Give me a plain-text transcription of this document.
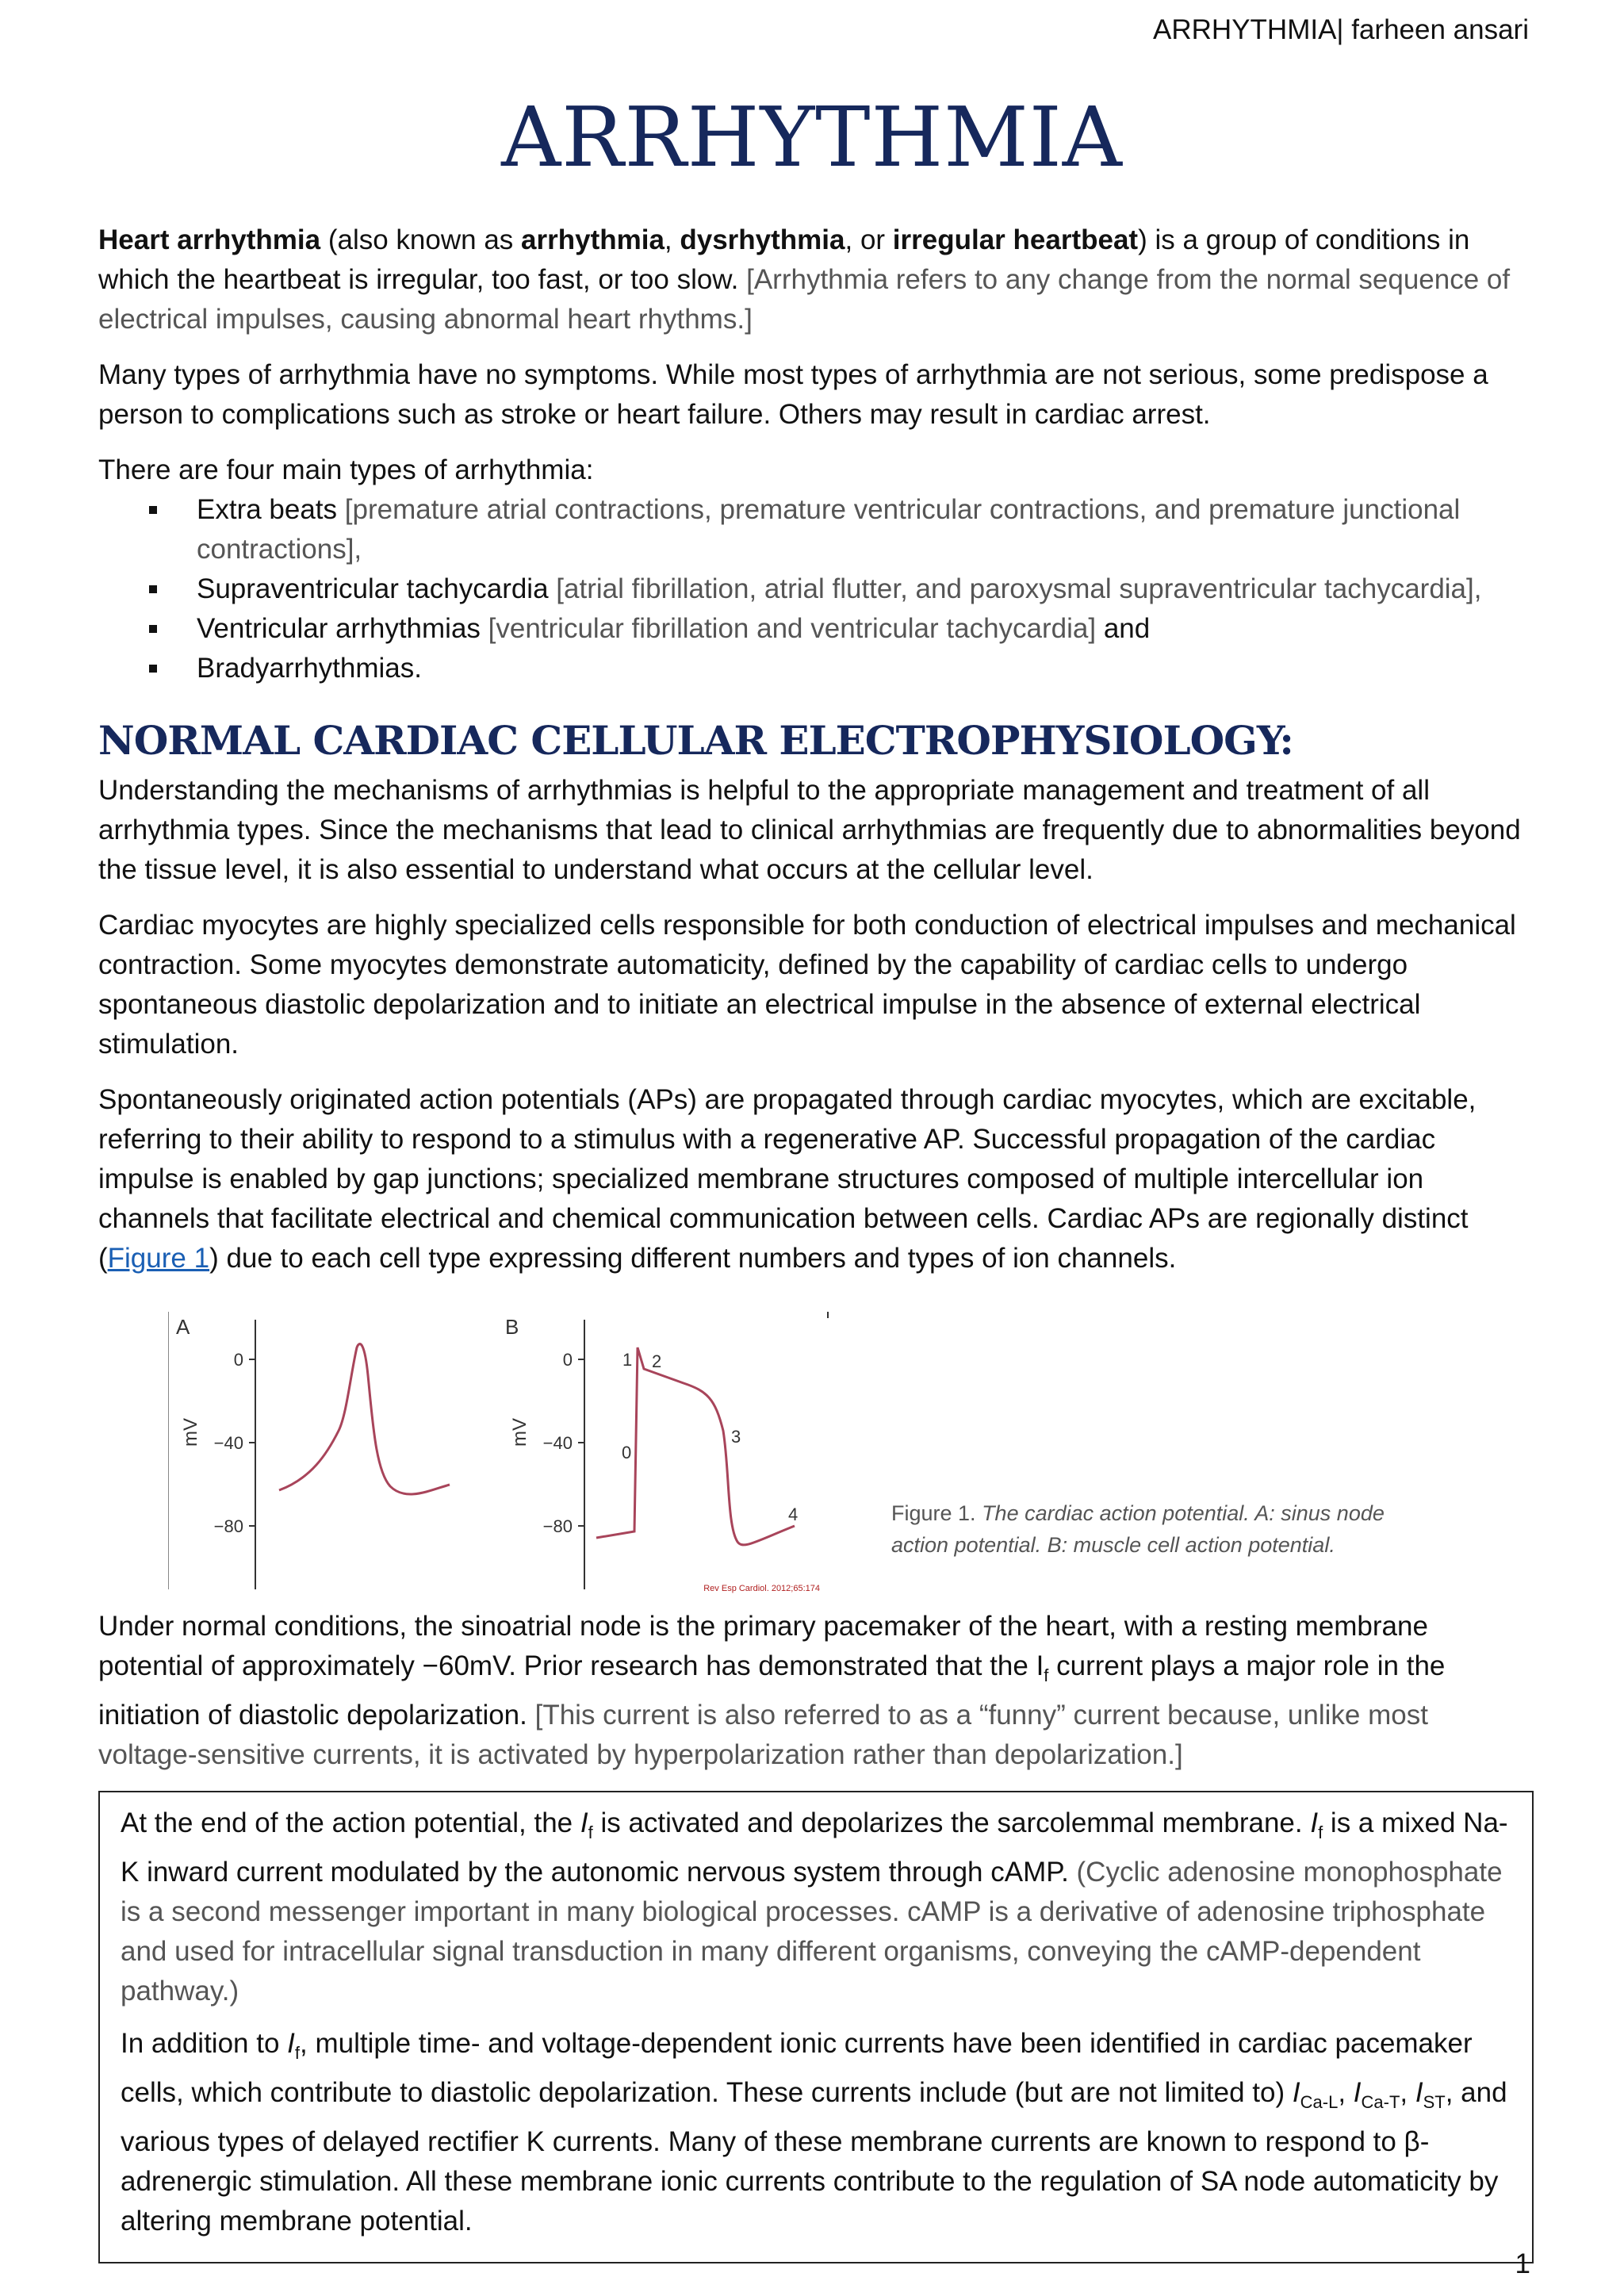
ARRHYTHMIA| farheen ansari
ARRHYTHMIA

Heart arrhythmia (also known as arrhythmia, dysrhythmia, or irregular heartbeat) is a group of conditions in which the heartbeat is irregular, too fast, or too slow. [Arrhythmia refers to any change from the normal sequence of electrical impulses, causing abnormal heart rhythms.]

Many types of arrhythmia have no symptoms. While most types of arrhythmia are not serious, some predispose a person to complications such as stroke or heart failure. Others may result in cardiac arrest.

There are four main types of arrhythmia:

Extra beats [premature atrial contractions, premature ventricular contractions, and premature junctional contractions],
Supraventricular tachycardia [atrial fibrillation, atrial flutter, and paroxysmal supraventricular tachycardia],
Ventricular arrhythmias [ventricular fibrillation and ventricular tachycardia] and
Bradyarrhythmias.
NORMAL CARDIAC CELLULAR ELECTROPHYSIOLOGY:

Understanding the mechanisms of arrhythmias is helpful to the appropriate management and treatment of all arrhythmia types. Since the mechanisms that lead to clinical arrhythmias are frequently due to abnormalities beyond the tissue level, it is also essential to understand what occurs at the cellular level.

Cardiac myocytes are highly specialized cells responsible for both conduction of electrical impulses and mechanical contraction. Some myocytes demonstrate automaticity, defined by the capability of cardiac cells to undergo spontaneous diastolic depolarization and to initiate an electrical impulse in the absence of external electrical stimulation.

Spontaneously originated action potentials (APs) are propagated through cardiac myocytes, which are excitable, referring to their ability to respond to a stimulus with a regenerative AP. Successful propagation of the cardiac impulse is enabled by gap junctions; specialized membrane structures composed of multiple intercellular ion channels that facilitate electrical and chemical communication between cells. Cardiac APs are regionally distinct (Figure 1) due to each cell type expressing different numbers and types of ion channels.

A
0
−40
−80
mV
B
0
−40
−80
mV
1 2
0
3
4
Rev Esp Cardiol. 2012;65:174
Figure 1. The cardiac action potential. A: sinus node action potential. B: muscle cell action potential.

Under normal conditions, the sinoatrial node is the primary pacemaker of the heart, with a resting membrane potential of approximately −60mV. Prior research has demonstrated that the $I_f$ current plays a major role in the initiation of diastolic depolarization. [This current is also referred to as a “funny” current because, unlike most voltage-sensitive currents, it is activated by hyperpolarization rather than depolarization.]

At the end of the action potential, the $I_f$ is activated and depolarizes the sarcolemmal membrane. $I_f$ is a mixed Na-K inward current modulated by the autonomic nervous system through cAMP. (Cyclic adenosine monophosphate is a second messenger important in many biological processes. cAMP is a derivative of adenosine triphosphate and used for intracellular signal transduction in many different organisms, conveying the cAMP-dependent pathway.)

In addition to $I_f$, multiple time- and voltage-dependent ionic currents have been identified in cardiac pacemaker cells, which contribute to diastolic depolarization. These currents include (but are not limited to) $I_{Ca-L}$, $I_{Ca-T}$, $I_{ST}$, and various types of delayed rectifier K currents. Many of these membrane currents are known to respond to β-adrenergic stimulation. All these membrane ionic currents contribute to the regulation of SA node automaticity by altering membrane potential.

1
